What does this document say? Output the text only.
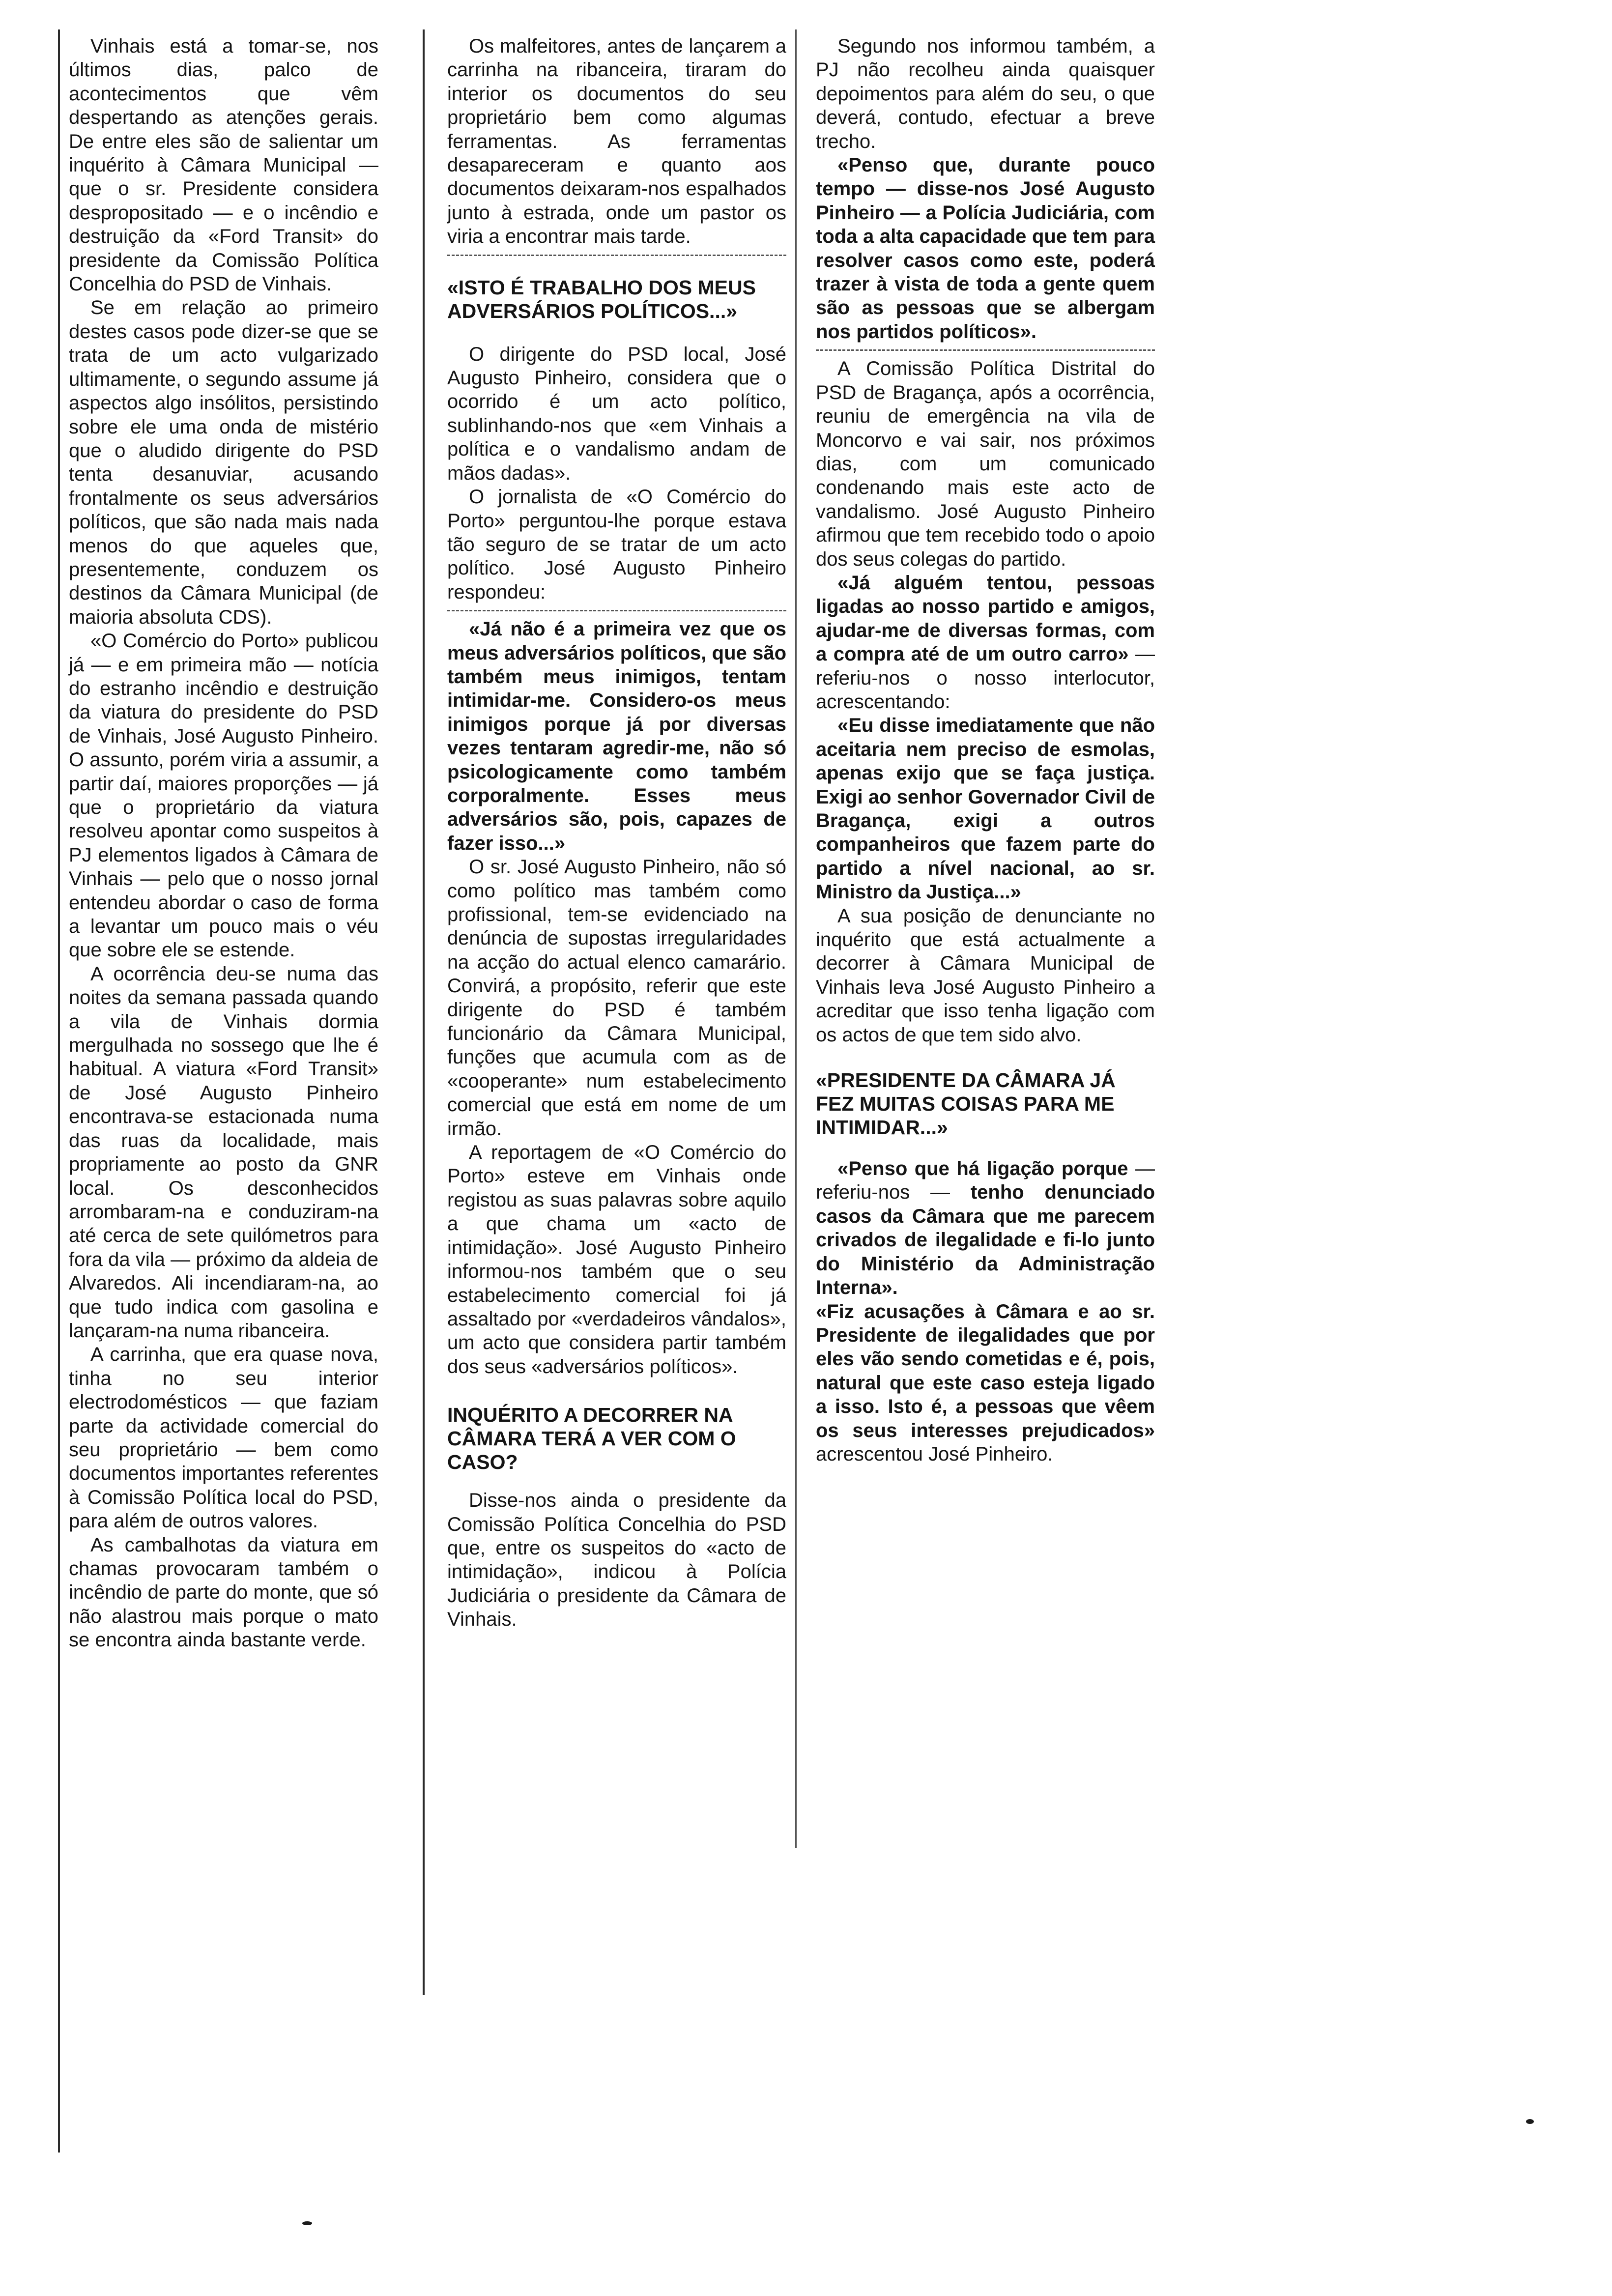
Vinhais está a tomar-se, nos últimos dias, palco de acontecimentos que vêm despertando as atenções gerais. De entre eles são de salientar um inquérito à Câmara Municipal — que o sr. Presidente considera despropositado — e o incêndio e destruição da «Ford Transit» do presidente da Comissão Política Concelhia do PSD de Vinhais.

Se em relação ao primeiro destes casos pode dizer-se que se trata de um acto vulgarizado ultimamente, o segundo assume já aspectos algo insólitos, persistindo sobre ele uma onda de mistério que o aludido dirigente do PSD tenta desanuviar, acusando frontalmente os seus adversários políticos, que são nada mais nada menos do que aqueles que, presentemente, conduzem os destinos da Câmara Municipal (de maioria absoluta CDS).

«O Comércio do Porto» publicou já — e em primeira mão — notícia do estranho incêndio e destruição da viatura do presidente do PSD de Vinhais, José Augusto Pinheiro. O assunto, porém viria a assumir, a partir daí, maiores proporções — já que o proprietário da viatura resolveu apontar como suspeitos à PJ elementos ligados à Câmara de Vinhais — pelo que o nosso jornal entendeu abordar o caso de forma a levantar um pouco mais o véu que sobre ele se estende.

A ocorrência deu-se numa das noites da semana passada quando a vila de Vinhais dormia mergulhada no sossego que lhe é habitual. A viatura «Ford Transit» de José Augusto Pinheiro encontrava-se estacionada numa das ruas da localidade, mais propriamente ao posto da GNR local. Os desconhecidos arrombaram-na e conduziram-na até cerca de sete quilómetros para fora da vila — próximo da aldeia de Alvaredos. Ali incendiaram-na, ao que tudo indica com gasolina e lançaram-na numa ribanceira.

A carrinha, que era quase nova, tinha no seu interior electrodomésticos — que faziam parte da actividade comercial do seu proprietário — bem como documentos importantes referentes à Comissão Política local do PSD, para além de outros valores.

As cambalhotas da viatura em chamas provocaram também o incêndio de parte do monte, que só não alastrou mais porque o mato se encontra ainda bastante verde.

Os malfeitores, antes de lançarem a carrinha na ribanceira, tiraram do interior os documentos do seu proprietário bem como algumas ferramentas. As ferramentas desapareceram e quanto aos documentos deixaram-nos espalhados junto à estrada, onde um pastor os viria a encontrar mais tarde.

«ISTO É TRABALHO DOS MEUS ADVERSÁRIOS POLÍTICOS...»

O dirigente do PSD local, José Augusto Pinheiro, considera que o ocorrido é um acto político, sublinhando-nos que «em Vinhais a política e o vandalismo andam de mãos dadas».

O jornalista de «O Comércio do Porto» perguntou-lhe porque estava tão seguro de se tratar de um acto político. José Augusto Pinheiro respondeu:

«Já não é a primeira vez que os meus adversários políticos, que são também meus inimigos, tentam intimidar-me. Considero-os meus inimigos porque já por diversas vezes tentaram agredir-me, não só psicologicamente como também corporalmente. Esses meus adversários são, pois, capazes de fazer isso...»

O sr. José Augusto Pinheiro, não só como político mas também como profissional, tem-se evidenciado na denúncia de supostas irregularidades na acção do actual elenco camarário. Convirá, a propósito, referir que este dirigente do PSD é também funcionário da Câmara Municipal, funções que acumula com as de «cooperante» num estabelecimento comercial que está em nome de um irmão.

A reportagem de «O Comércio do Porto» esteve em Vinhais onde registou as suas palavras sobre aquilo a que chama um «acto de intimidação». José Augusto Pinheiro informou-nos também que o seu estabelecimento comercial foi já assaltado por «verdadeiros vândalos», um acto que considera partir também dos seus «adversários políticos».

INQUÉRITO A DECORRER NA CÂMARA TERÁ A VER COM O CASO?

Disse-nos ainda o presidente da Comissão Política Concelhia do PSD que, entre os suspeitos do «acto de intimidação», indicou à Polícia Judiciária o presidente da Câmara de Vinhais.

Segundo nos informou também, a PJ não recolheu ainda quaisquer depoimentos para além do seu, o que deverá, contudo, efectuar a breve trecho.

«Penso que, durante pouco tempo — disse-nos José Augusto Pinheiro — a Polícia Judiciária, com toda a alta capacidade que tem para resolver casos como este, poderá trazer à vista de toda a gente quem são as pessoas que se albergam nos partidos políticos».

A Comissão Política Distrital do PSD de Bragança, após a ocorrência, reuniu de emergência na vila de Moncorvo e vai sair, nos próximos dias, com um comunicado condenando mais este acto de vandalismo. José Augusto Pinheiro afirmou que tem recebido todo o apoio dos seus colegas do partido.

«Já alguém tentou, pessoas ligadas ao nosso partido e amigos, ajudar-me de diversas formas, com a compra até de um outro carro» — referiu-nos o nosso interlocutor, acrescentando:

«Eu disse imediatamente que não aceitaria nem preciso de esmolas, apenas exijo que se faça justiça. Exigi ao senhor Governador Civil de Bragança, exigi a outros companheiros que fazem parte do partido a nível nacional, ao sr. Ministro da Justiça...»

A sua posição de denunciante no inquérito que está actualmente a decorrer à Câmara Municipal de Vinhais leva José Augusto Pinheiro a acreditar que isso tenha ligação com os actos de que tem sido alvo.

«PRESIDENTE DA CÂMARA JÁ FEZ MUITAS COISAS PARA ME INTIMIDAR...»

«Penso que há ligação porque — referiu-nos — tenho denunciado casos da Câmara que me parecem crivados de ilegalidade e fi-lo junto do Ministério da Administração Interna».

«Fiz acusações à Câmara e ao sr. Presidente de ilegalidades que por eles vão sendo cometidas e é, pois, natural que este caso esteja ligado a isso. Isto é, a pessoas que vêem os seus interesses prejudicados» acrescentou José Pinheiro.
